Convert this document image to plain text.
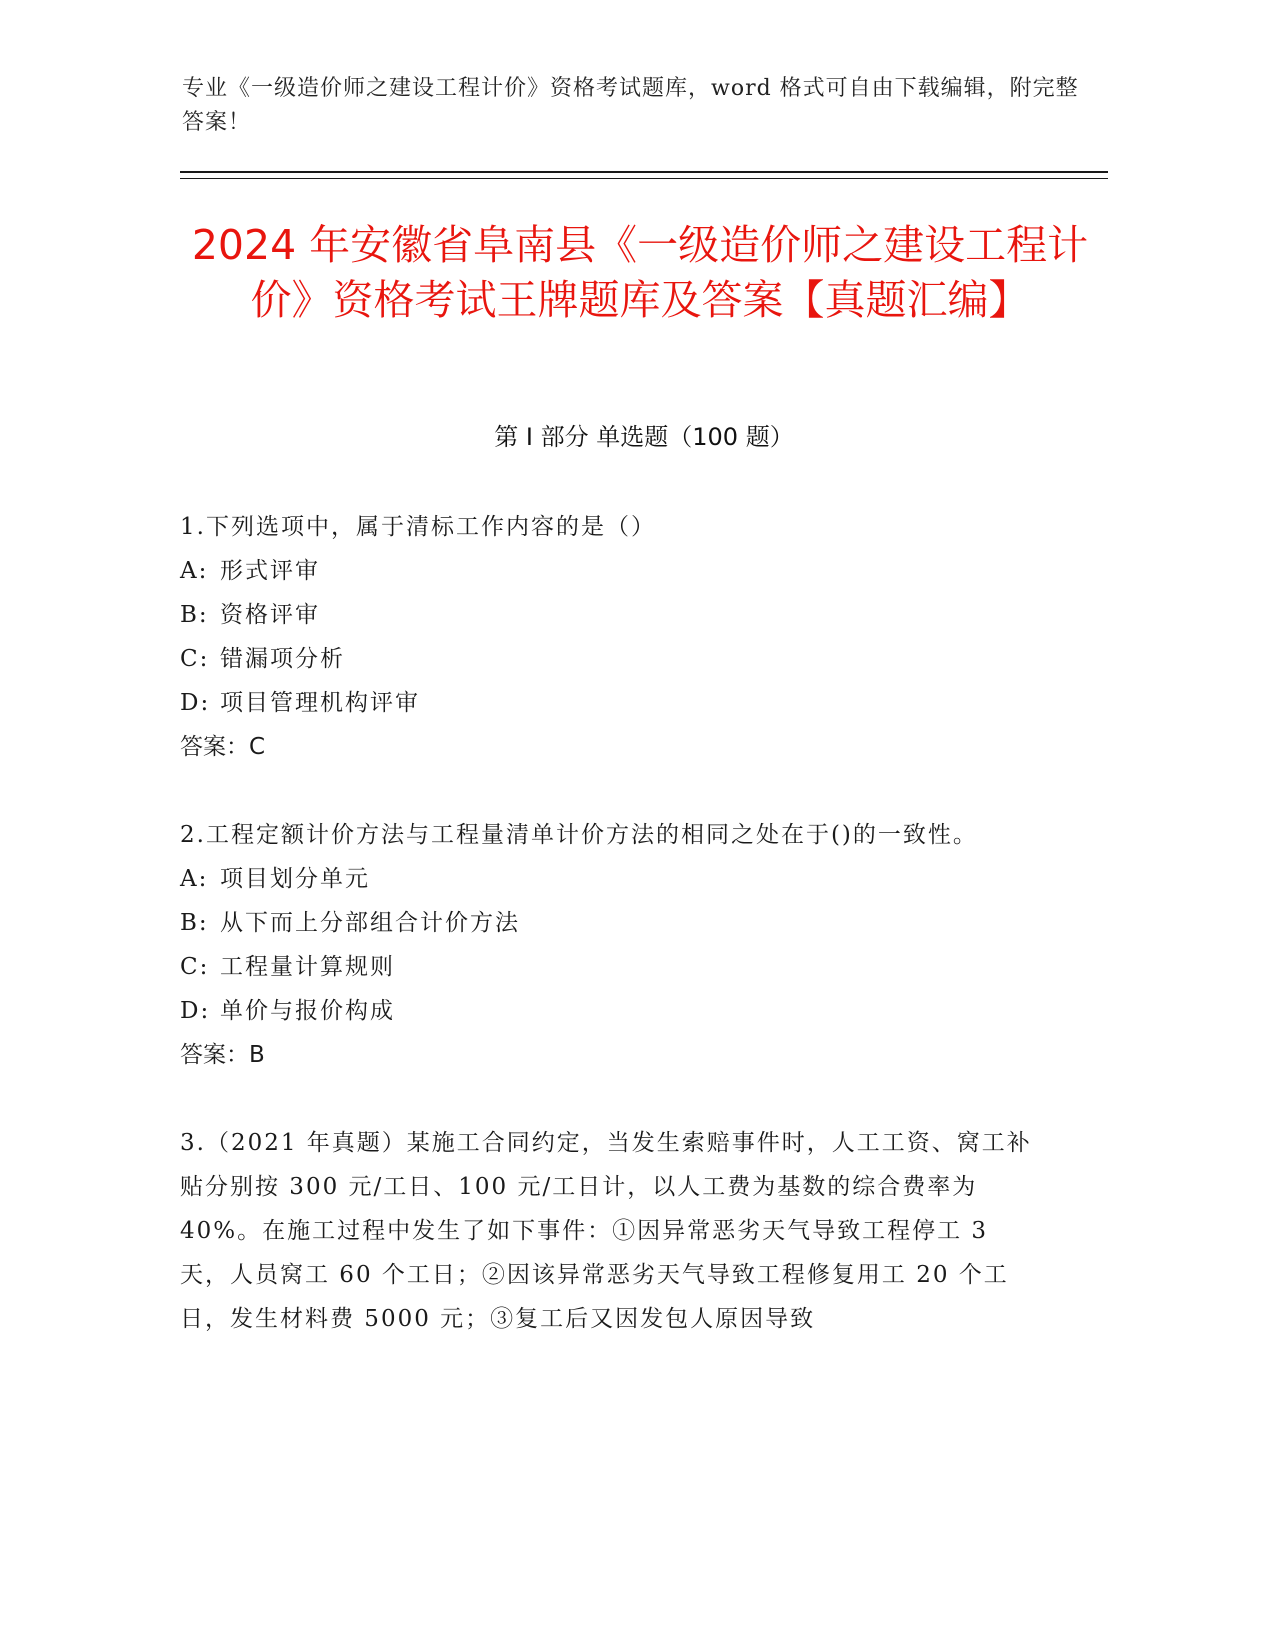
专业《一级造价师之建设工程计价》资格考试题库，word 格式可自由下载编辑，附完整答案！
2024 年安徽省阜南县《一级造价师之建设工程计价》资格考试王牌题库及答案【真题汇编】
第 I 部分 单选题（100 题）
1.下列选项中，属于清标工作内容的是（）
A: 形式评审
B: 资格评审
C: 错漏项分析
D: 项目管理机构评审
答案：C
2.工程定额计价方法与工程量清单计价方法的相同之处在于()的一致性。
A: 项目划分单元
B: 从下而上分部组合计价方法
C: 工程量计算规则
D: 单价与报价构成
答案：B
3.（2021 年真题）某施工合同约定，当发生索赔事件时，人工工资、窝工补贴分别按 300 元/工日、100 元/工日计，以人工费为基数的综合费率为 40%。在施工过程中发生了如下事件：①因异常恶劣天气导致工程停工 3 天，人员窝工 60 个工日；②因该异常恶劣天气导致工程修复用工 20 个工日，发生材料费 5000 元；③复工后又因发包人原因导致
